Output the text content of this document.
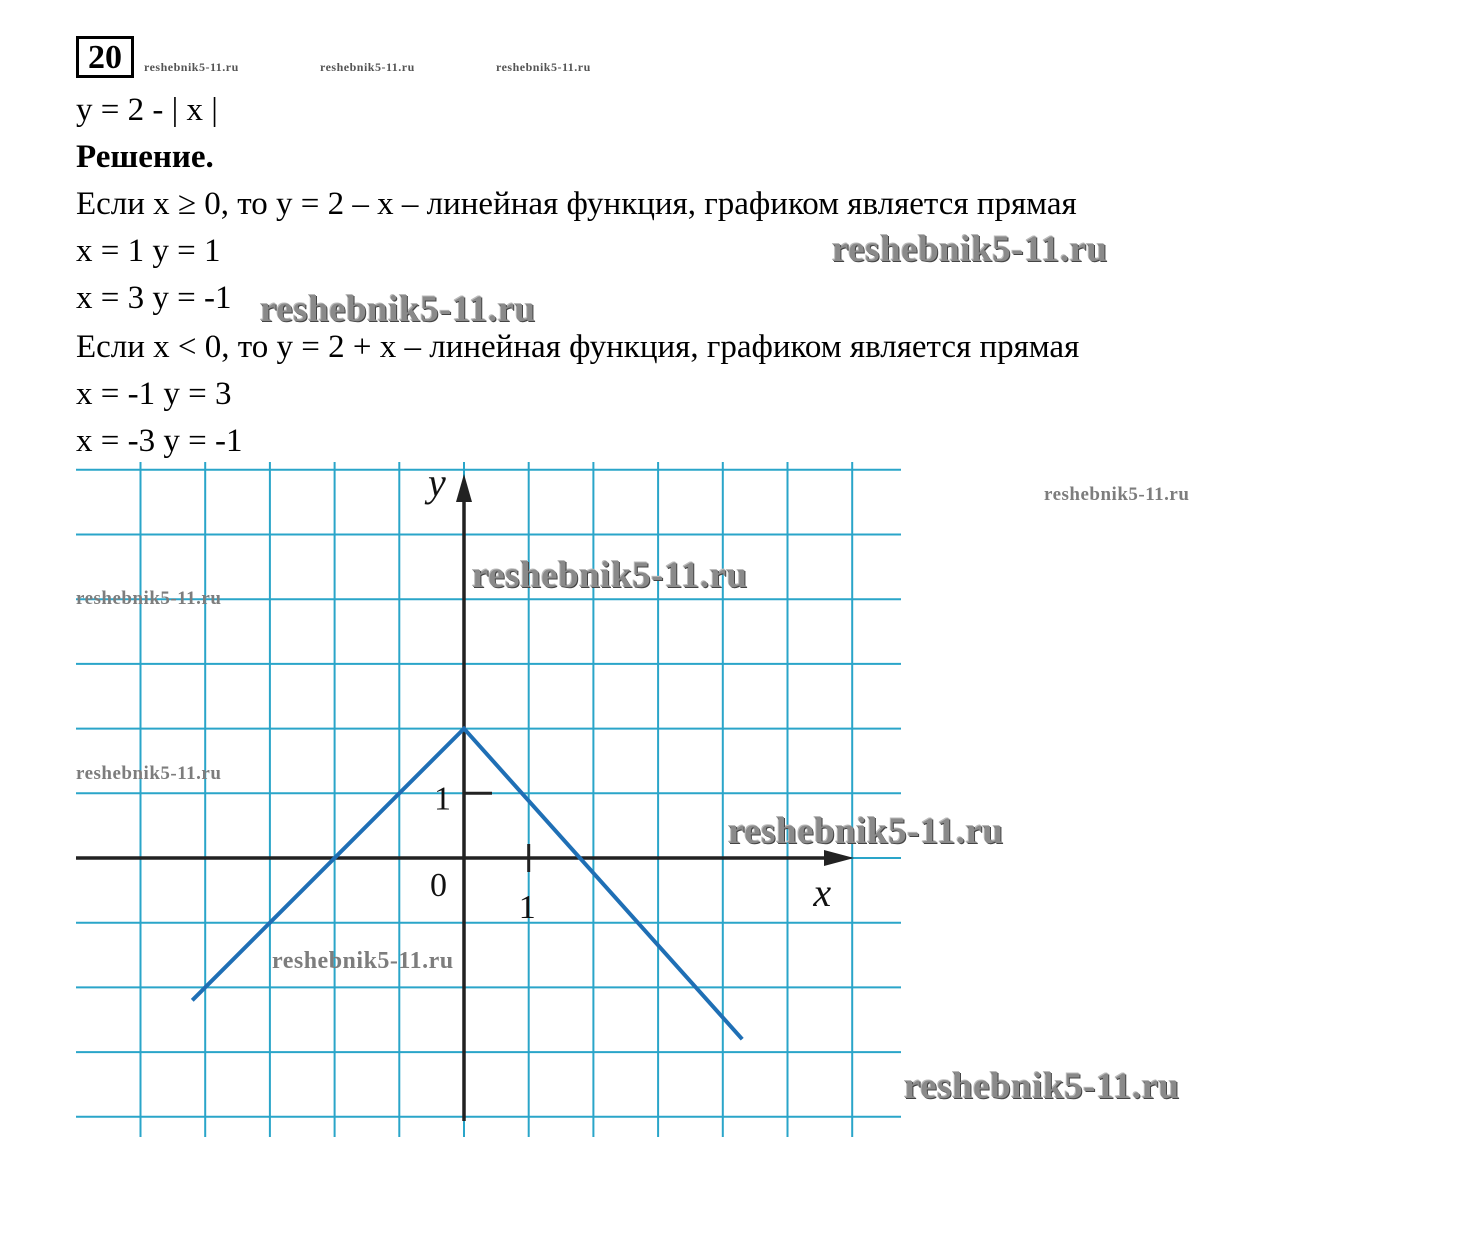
20	reshebnik5-11.ru	reshebnik5-11.ru	reshebnik5-11.ru
y = 2 - | x |
Решение.
Если x ≥ 0, то y = 2 – x – линейная функция, графиком является прямая
x = 1 y = 1
x = 3 y = -1
Если x < 0, то y = 2 + x – линейная функция, графиком является прямая
x = -1 y = 3
x = -3 y = -1
y
x
0
1
1
reshebnik5-11.ru
reshebnik5-11.ru
reshebnik5-11.ru
reshebnik5-11.ru
reshebnik5-11.ru
reshebnik5-11.ru
reshebnik5-11.ru
reshebnik5-11.ru
reshebnik5-11.ru
